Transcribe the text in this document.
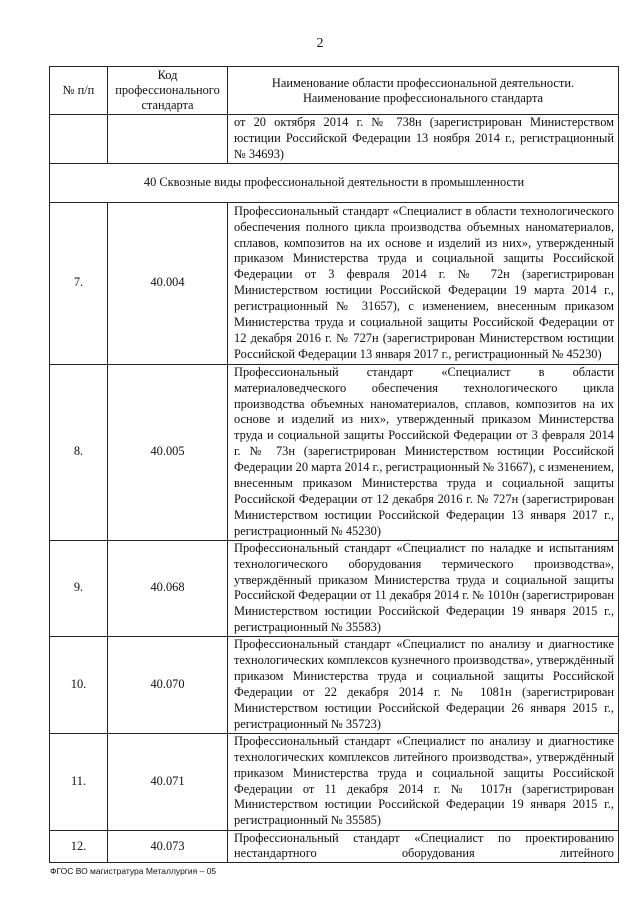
2
№ п/п	Код профессионального стандарта	Наименование области профессиональной деятельности.
Наименование профессионального стандарта
		от 20 октября 2014 г. № 738н (зарегистрирован Министерством юстиции Российской Федерации 13 ноября 2014 г., регистрационный № 34693)
40 Сквозные виды профессиональной деятельности в промышленности		
7.	40.004	Профессиональный стандарт «Специалист в области технологического обеспечения полного цикла производства объемных наноматериалов, сплавов, композитов на их основе и изделий из них», утвержденный приказом Министерства труда и социальной защиты Российской Федерации от 3 февраля 2014 г. № 72н (зарегистрирован Министерством юстиции Российской Федерации 19 марта 2014 г., регистрационный № 31657), с изменением, внесенным приказом Министерства труда и социальной защиты Российской Федерации от 12 декабря 2016 г. № 727н (зарегистрирован Министерством юстиции Российской Федерации 13 января 2017 г., регистрационный № 45230)
8.	40.005	Профессиональный стандарт «Специалист в области материаловедческого обеспечения технологического цикла производства объемных наноматериалов, сплавов, композитов на их основе и изделий из них», утвержденный приказом Министерства труда и социальной защиты Российской Федерации от 3 февраля 2014 г. № 73н (зарегистрирован Министерством юстиции Российской Федерации 20 марта 2014 г., регистрационный № 31667), с изменением, внесенным приказом Министерства труда и социальной защиты Российской Федерации от 12 декабря 2016 г. № 727н (зарегистрирован Министерством юстиции Российской Федерации 13 января 2017 г., регистрационный № 45230)
9.	40.068	Профессиональный стандарт «Специалист по наладке и испытаниям технологического оборудования термического производства», утверждённый приказом Министерства труда и социальной защиты Российской Федерации от 11 декабря 2014 г. № 1010н (зарегистрирован Министерством юстиции Российской Федерации 19 января 2015 г., регистрационный № 35583)
10.	40.070	Профессиональный стандарт «Специалист по анализу и диагностике технологических комплексов кузнечного производства», утверждённый приказом Министерства труда и социальной защиты Российской Федерации от 22 декабря 2014 г. № 1081н (зарегистрирован Министерством юстиции Российской Федерации 26 января 2015 г., регистрационный № 35723)
11.	40.071	Профессиональный стандарт «Специалист по анализу и диагностике технологических комплексов литейного производства», утверждённый приказом Министерства труда и социальной защиты Российской Федерации от 11 декабря 2014 г. № 1017н (зарегистрирован Министерством юстиции Российской Федерации 19 января 2015 г., регистрационный № 35585)
12.	40.073	Профессиональный стандарт «Специалист по проектированию нестандартного оборудования литейного
ФГОС ВО магистратура Металлургия – 05
